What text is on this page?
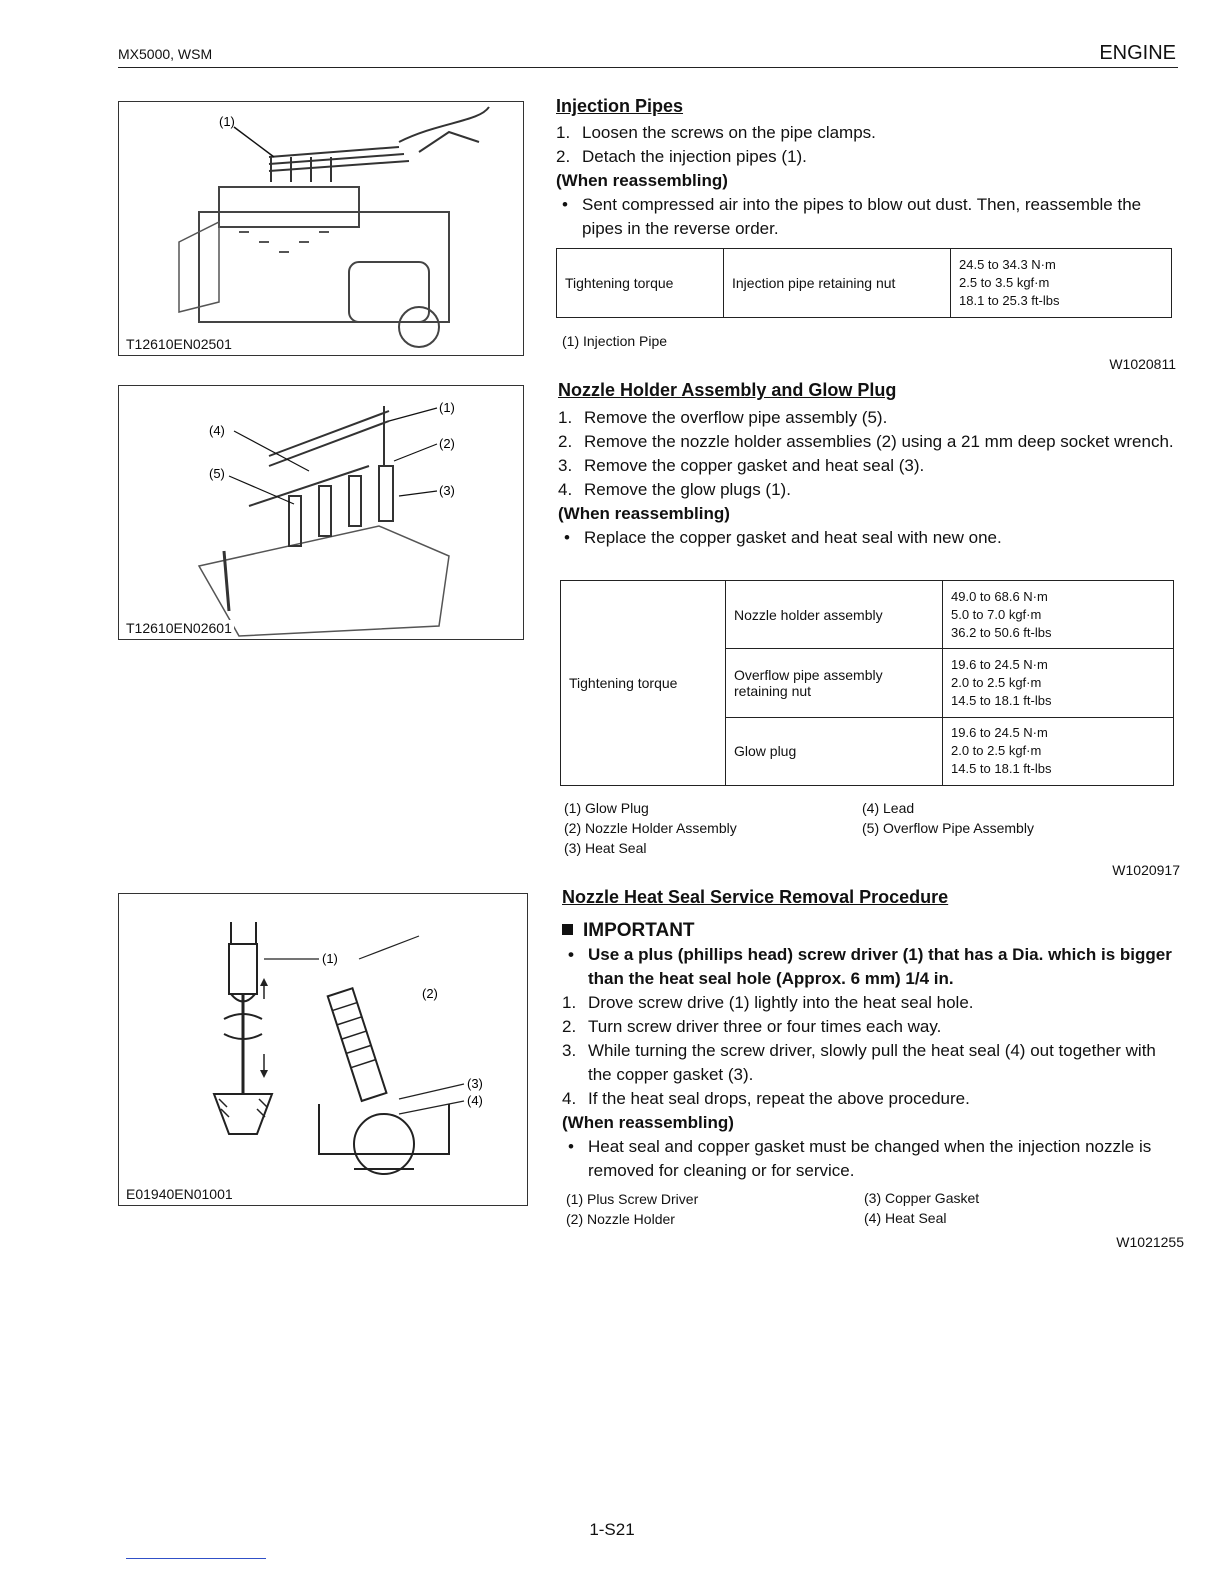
MX5000, WSM	ENGINE
(1)
T12610EN02501
(1)
(2)
(3)
(4)
(5)
T12610EN02601
(1)
(2)
(3)
(4)
E01940EN01001
Injection Pipes
1. Loosen the screws on the pipe clamps.
2. Detach the injection pipes (1).
(When reassembling)
• Sent compressed air into the pipes to blow out dust. Then, reassemble the pipes in the reverse order.
Tightening torque	Injection pipe retaining nut	
24.5 to 34.3 N·m
2.5 to 3.5 kgf·m
18.1 to 25.3 ft-lbs
(1) Injection Pipe
W1020811
Nozzle Holder Assembly and Glow Plug
1. Remove the overflow pipe assembly (5).
2. Remove the nozzle holder assemblies (2) using a 21 mm deep socket wrench.
3. Remove the copper gasket and heat seal (3).
4. Remove the glow plugs (1).
(When reassembling)
• Replace the copper gasket and heat seal with new one.
Tightening torque	Nozzle holder assembly	49.0 to 68.6 N·m
5.0 to 7.0 kgf·m
36.2 to 50.6 ft-lbs

	Overflow pipe assembly retaining nut	19.6 to 24.5 N·m
2.0 to 2.5 kgf·m
14.5 to 18.1 ft-lbs

	Glow plug	19.6 to 24.5 N·m
2.0 to 2.5 kgf·m
14.5 to 18.1 ft-lbs
(1) Glow Plug
(2) Nozzle Holder Assembly
(3) Heat Seal
(4) Lead
(5) Overflow Pipe Assembly
W1020917
Nozzle Heat Seal Service Removal Procedure
IMPORTANT
• Use a plus (phillips head) screw driver (1) that has a Dia. which is bigger than the heat seal hole (Approx. 6 mm) 1/4 in.
1. Drove screw drive (1) lightly into the heat seal hole.
2. Turn screw driver three or four times each way.
3. While turning the screw driver, slowly pull the heat seal (4) out together with the copper gasket (3).
4. If the heat seal drops, repeat the above procedure.
(When reassembling)
• Heat seal and copper gasket must be changed when the injection nozzle is removed for cleaning or for service.
(1) Plus Screw Driver
(2) Nozzle Holder
(3) Copper Gasket
(4) Heat Seal
W1021255
1-S21
